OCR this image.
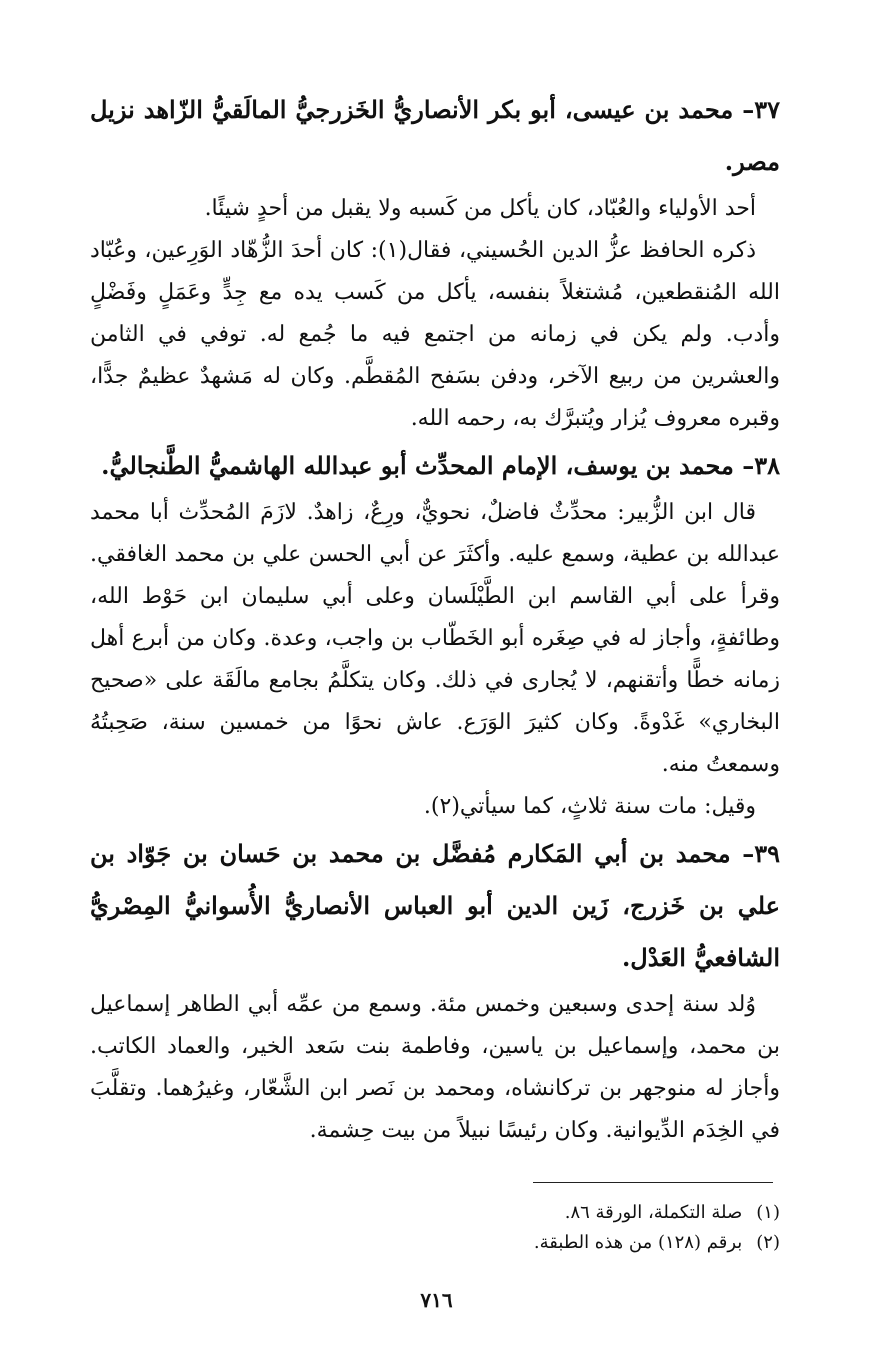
٣٧– محمد بن عيسى، أبو بكر الأنصاريُّ الخَزرجيُّ المالَقيُّ الزّاهد نزيل مصر.

أحد الأولياء والعُبّاد، كان يأكل من كَسبه ولا يقبل من أحدٍ شيئًا.

ذكره الحافظ عزُّ الدين الحُسيني، فقال(١): كان أحدَ الزُّهّاد الوَرِعين، وعُبّاد الله المُنقطعين، مُشتغلاً بنفسه، يأكل من كَسب يده مع جِدٍّ وعَمَلٍ وفَضْلٍ وأدب. ولم يكن في زمانه من اجتمع فيه ما جُمع له. توفي في الثامن والعشرين من ربيع الآخر، ودفن بسَفح المُقطَّم. وكان له مَشهدٌ عظيمٌ جدًّا، وقبره معروف يُزار ويُتبرَّك به، رحمه الله.

٣٨– محمد بن يوسف، الإمام المحدِّث أبو عبدالله الهاشميُّ الطَّنجاليُّ.

قال ابن الزُّبير: محدِّثٌ فاضلٌ، نحويٌّ، ورِعٌ، زاهدٌ. لازَمَ المُحدِّث أبا محمد عبدالله بن عطية، وسمع عليه. وأكثَرَ عن أبي الحسن علي بن محمد الغافقي. وقرأ على أبي القاسم ابن الطَّيْلَسان وعلى أبي سليمان ابن حَوْط الله، وطائفةٍ، وأجاز له في صِغَره أبو الخَطّاب بن واجب، وعدة. وكان من أبرع أهل زمانه خطًّا وأتقنهم، لا يُجارى في ذلك. وكان يتكلَّمُ بجامع مالَقَة على «صحيح البخاري» غَدْوةً. وكان كثيرَ الوَرَع. عاش نحوًا من خمسين سنة، صَحِبتُهُ وسمعتُ منه.

وقيل: مات سنة ثلاثٍ، كما سيأتي(٢).

٣٩– محمد بن أبي المَكارم مُفضَّل بن محمد بن حَسان بن جَوّاد بن علي بن خَزرج، زَين الدين أبو العباس الأنصاريُّ الأُسوانيُّ المِصْريُّ الشافعيُّ العَدْل.

وُلد سنة إحدى وسبعين وخمس مئة. وسمع من عمِّه أبي الطاهر إسماعيل بن محمد، وإسماعيل بن ياسين، وفاطمة بنت سَعد الخير، والعماد الكاتب. وأجاز له منوجهر بن تركانشاه، ومحمد بن نَصر ابن الشَّعّار، وغيرُهما. وتقلَّبَ في الخِدَم الدِّيوانية. وكان رئيسًا نبيلاً من بيت حِشمة.

(١)صلة التكملة، الورقة ٨٦.

(٢)برقم (١٢٨) من هذه الطبقة.

٧١٦
